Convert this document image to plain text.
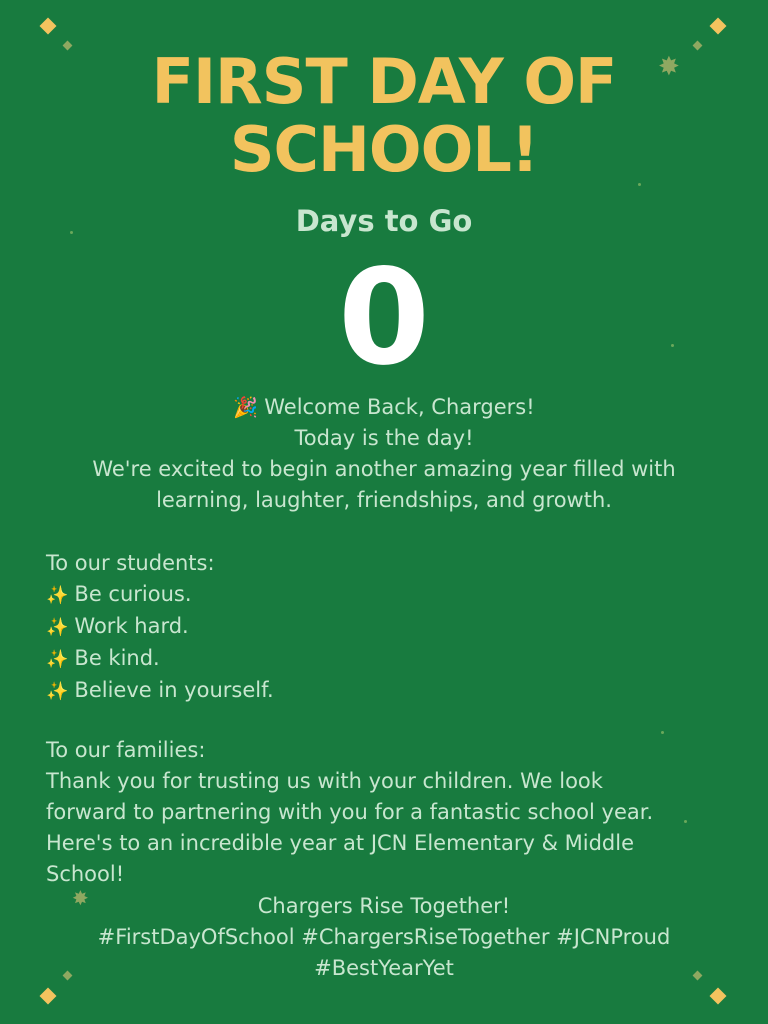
✸
✸
FIRST DAY OF
SCHOOL!
Days to Go
0
🎉 Welcome Back, Chargers!
Today is the day!
We're excited to begin another amazing year filled with
learning, laughter, friendships, and growth.
To our students:
✨ Be curious.
✨ Work hard.
✨ Be kind.
✨ Believe in yourself.
To our families:
Thank you for trusting us with your children. We look
forward to partnering with you for a fantastic school year.
Here's to an incredible year at JCN Elementary & Middle
School!
Chargers Rise Together!
#FirstDayOfSchool #ChargersRiseTogether #JCNProud
#BestYearYet
